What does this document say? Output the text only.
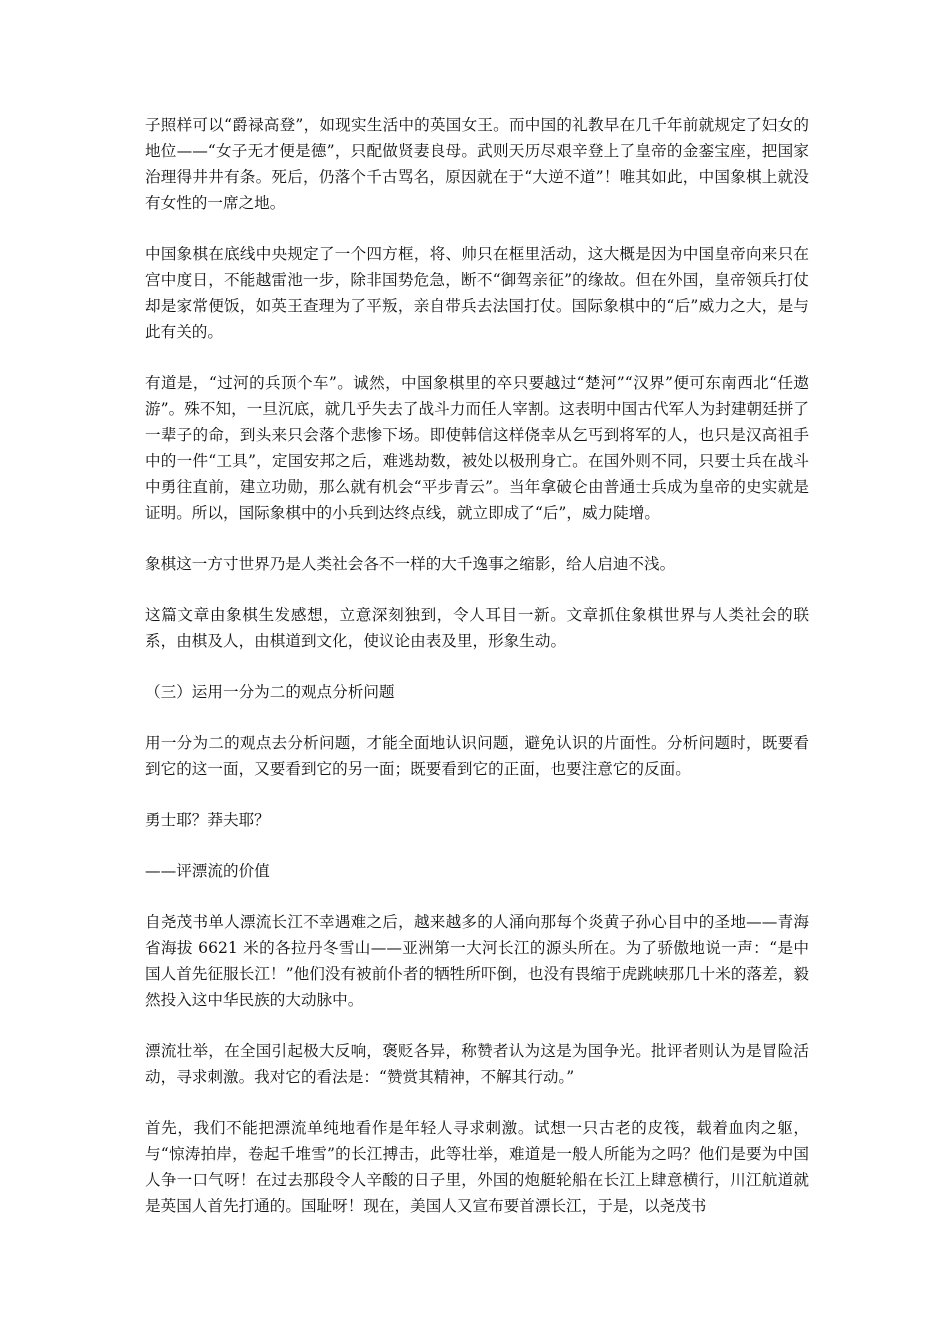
子照样可以“爵禄高登”，如现实生活中的英国女王。而中国的礼教早在几千年前就规定了妇女的地位——“女子无才便是德”，只配做贤妻良母。武则天历尽艰辛登上了皇帝的金銮宝座，把国家治理得井井有条。死后，仍落个千古骂名，原因就在于“大逆不道”！唯其如此，中国象棋上就没有女性的一席之地。

中国象棋在底线中央规定了一个四方框，将、帅只在框里活动，这大概是因为中国皇帝向来只在宫中度日，不能越雷池一步，除非国势危急，断不“御驾亲征”的缘故。但在外国，皇帝领兵打仗却是家常便饭，如英王查理为了平叛，亲自带兵去法国打仗。国际象棋中的“后”威力之大，是与此有关的。

有道是，“过河的兵顶个车”。诚然，中国象棋里的卒只要越过“楚河”“汉界”便可东南西北“任遨游”。殊不知，一旦沉底，就几乎失去了战斗力而任人宰割。这表明中国古代军人为封建朝廷拼了一辈子的命，到头来只会落个悲惨下场。即使韩信这样侥幸从乞丐到将军的人，也只是汉高祖手中的一件“工具”，定国安邦之后，难逃劫数，被处以极刑身亡。在国外则不同，只要士兵在战斗中勇往直前，建立功勋，那么就有机会“平步青云”。当年拿破仑由普通士兵成为皇帝的史实就是证明。所以，国际象棋中的小兵到达终点线，就立即成了“后”，威力陡增。

象棋这一方寸世界乃是人类社会各不一样的大千逸事之缩影，给人启迪不浅。

这篇文章由象棋生发感想，立意深刻独到，令人耳目一新。文章抓住象棋世界与人类社会的联系，由棋及人，由棋道到文化，使议论由表及里，形象生动。

（三）运用一分为二的观点分析问题

用一分为二的观点去分析问题，才能全面地认识问题，避免认识的片面性。分析问题时，既要看到它的这一面，又要看到它的另一面；既要看到它的正面，也要注意它的反面。

勇士耶？莽夫耶？

——评漂流的价值

自尧茂书单人漂流长江不幸遇难之后，越来越多的人涌向那每个炎黄子孙心目中的圣地——青海省海拔 6621 米的各拉丹冬雪山——亚洲第一大河长江的源头所在。为了骄傲地说一声：“是中国人首先征服长江！”他们没有被前仆者的牺牲所吓倒，也没有畏缩于虎跳峡那几十米的落差，毅然投入这中华民族的大动脉中。

漂流壮举，在全国引起极大反响，褒贬各异，称赞者认为这是为国争光。批评者则认为是冒险活动，寻求刺激。我对它的看法是：“赞赏其精神，不解其行动。”

首先，我们不能把漂流单纯地看作是年轻人寻求刺激。试想一只古老的皮筏，载着血肉之躯，与“惊涛拍岸，卷起千堆雪”的长江搏击，此等壮举，难道是一般人所能为之吗？他们是要为中国人争一口气呀！在过去那段令人辛酸的日子里，外国的炮艇轮船在长江上肆意横行，川江航道就是英国人首先打通的。国耻呀！现在，美国人又宣布要首漂长江，于是，以尧茂书
